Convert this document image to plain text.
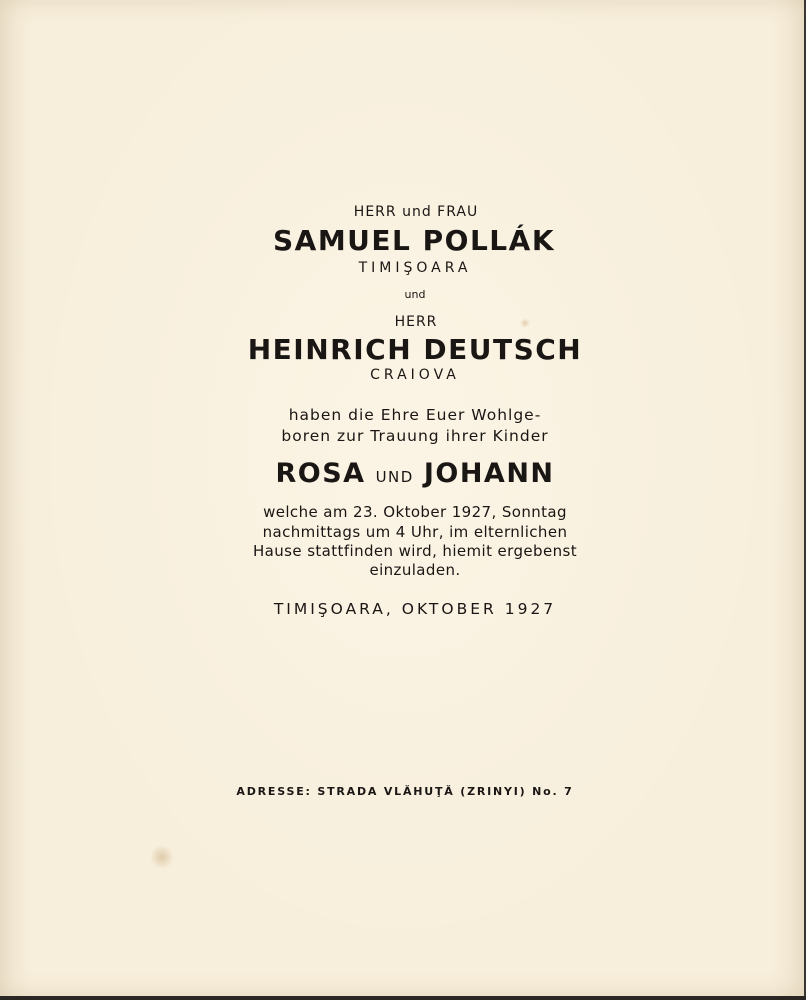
HERR und FRAU
SAMUEL POLLÁK
TIMIŞOARA
und
HERR
HEINRICH DEUTSCH
CRAIOVA
haben die Ehre Euer Wohlge-
boren zur Trauung ihrer Kinder
ROSA UND JOHANN
welche am 23. Oktober 1927, Sonntag
nachmittags um 4 Uhr, im elternlichen
Hause stattfinden wird, hiemit ergebenst
einzuladen.
TIMIŞOARA, OKTOBER 1927
ADRESSE: STRADA VLĂHUŢĂ (ZRINYI) No. 7
